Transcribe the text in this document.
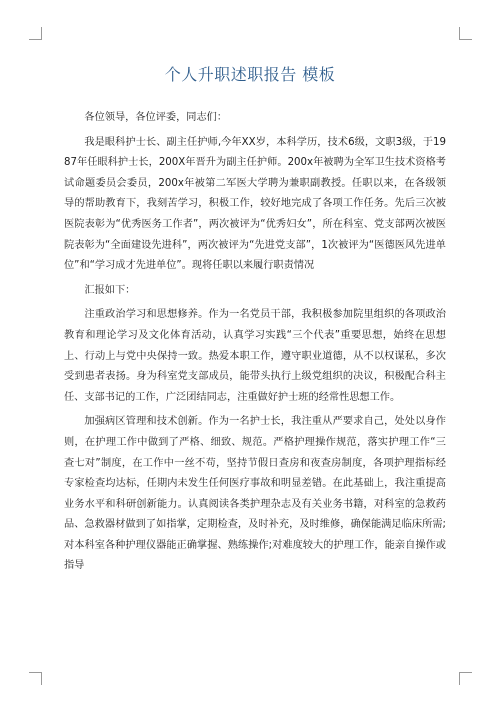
个人升职述职报告 模板

各位领导，各位评委，同志们：

我是眼科护士长、副主任护师,今年XX岁，本科学历，技术6级，文职3级，于1987年任眼科护士长，200X年晋升为副主任护师。200x年被聘为全军卫生技术资格考试命题委员会委员，200x年被第二军医大学聘为兼职副教授。任职以来，在各级领导的帮助教育下，我刻苦学习，积极工作，较好地完成了各项工作任务。先后三次被医院表彰为“优秀医务工作者”，两次被评为“优秀妇女”，所在科室、党支部两次被医院表彰为“全面建设先进科”，两次被评为“先进党支部”，1次被评为“医德医风先进单位”和“学习成才先进单位”。现将任职以来履行职责情况

汇报如下：

注重政治学习和思想修养。作为一名党员干部，我积极参加院里组织的各项政治教育和理论学习及文化体育活动，认真学习实践“三个代表”重要思想，始终在思想上、行动上与党中央保持一致。热爱本职工作，遵守职业道德，从不以权谋私，多次受到患者表扬。身为科室党支部成员，能带头执行上级党组织的决议，积极配合科主任、支部书记的工作，广泛团结同志，注重做好护士班的经常性思想工作。

加强病区管理和技术创新。作为一名护士长，我注重从严要求自己，处处以身作则，在护理工作中做到了严格、细致、规范。严格护理操作规范，落实护理工作“三查七对”制度，在工作中一丝不苟，坚持节假日查房和夜查房制度，各项护理指标经专家检查均达标，任期内未发生任何医疗事故和明显差错。在此基础上，我注重提高业务水平和科研创新能力。认真阅读各类护理杂志及有关业务书籍，对科室的急救药品、急救器材做到了如指掌，定期检查，及时补充，及时维修，确保能满足临床所需;对本科室各种护理仪器能正确掌握、熟练操作;对难度较大的护理工作，能亲自操作或指导
